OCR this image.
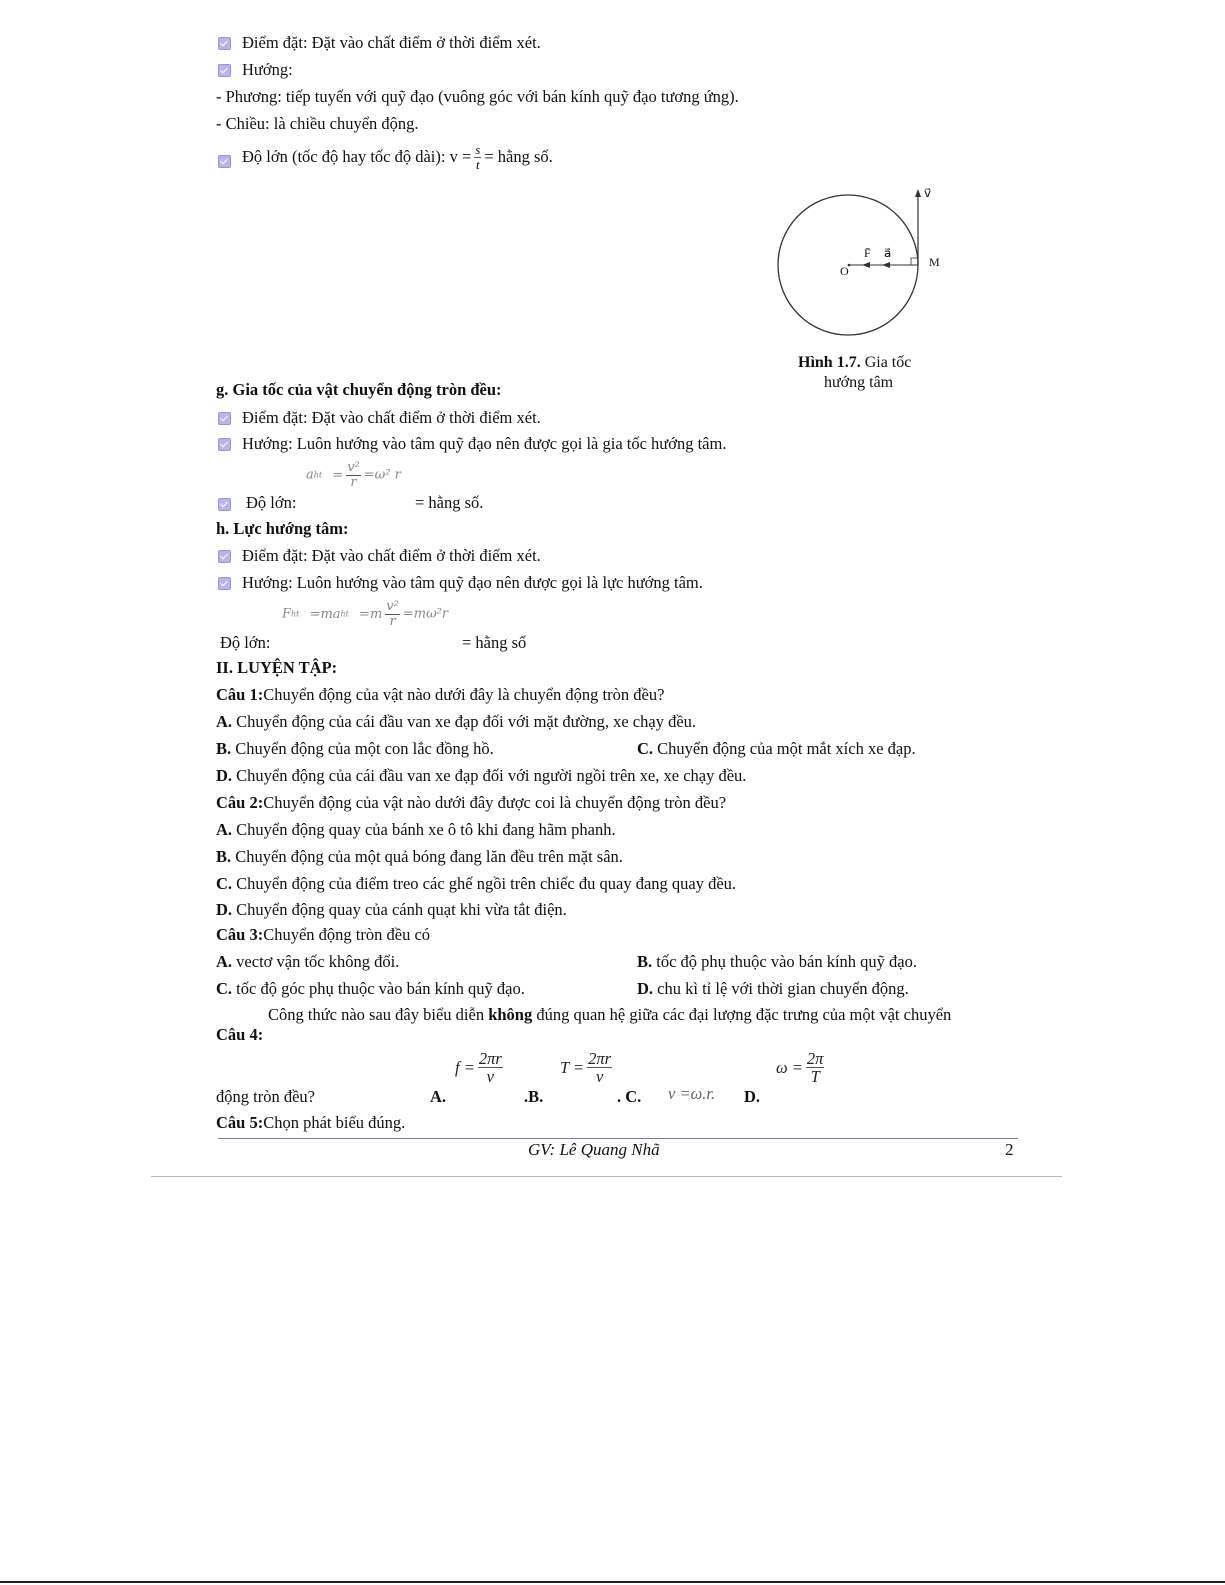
Điểm đặt: Đặt vào chất điểm ở thời điểm xét.
Hướng:
- Phương: tiếp tuyến với quỹ đạo (vuông góc với bán kính quỹ đạo tương ứng).
- Chiều: là chiều chuyển động.
Độ lớn (tốc độ hay tốc độ dài): $v = \frac{s}{t}$ = hằng số.
v⃗
F̄ a⃗
O
M
Hình 1.7. Gia tốc
hướng tâm
g. Gia tốc của vật chuyển động tròn đều:
Điểm đặt: Đặt vào chất điểm ở thời điểm xét.
Hướng: Luôn hướng vào tâm quỹ đạo nên được gọi là gia tốc hướng tâm.
Độ lớn:
aht = $\frac{\text{v²}}{r} =\omega^2$ r
= hằng số.
h. Lực hướng tâm:
Điểm đặt: Đặt vào chất điểm ở thời điểm xét.
Hướng: Luôn hướng vào tâm quỹ đạo nên được gọi là lực hướng tâm.
Độ lớn:
Fht =maht $=m \frac{\text{v²}}{r} =m\omega^2r$
= hằng số
II. LUYỆN TẬP:
Câu 1:Chuyển động của vật nào dưới đây là chuyển động tròn đều?
A. Chuyển động của cái đầu van xe đạp đối với mặt đường, xe chạy đều.
B. Chuyển động của một con lắc đồng hồ.	C. Chuyển động của một mắt xích xe đạp.
D. Chuyển động của cái đầu van xe đạp đối với người ngồi trên xe, xe chạy đều.
Câu 2:Chuyển động của vật nào dưới đây được coi là chuyển động tròn đều?
A. Chuyển động quay của bánh xe ô tô khi đang hãm phanh.
B. Chuyển động của một quả bóng đang lăn đều trên mặt sân.
C. Chuyển động của điểm treo các ghế ngồi trên chiếc đu quay đang quay đều.
D. Chuyển động quay của cánh quạt khi vừa tắt điện.
Câu 3:Chuyển động tròn đều có
A. vectơ vận tốc không đổi.	B. tốc độ phụ thuộc vào bán kính quỹ đạo.
C. tốc độ góc phụ thuộc vào bán kính quỹ đạo.	D. chu kì tỉ lệ với thời gian chuyển động.
Công thức nào sau đây biểu diễn không đúng quan hệ giữa các đại lượng đặc trưng của một vật chuyển
Câu 4:
động tròn đều?	A.
$f = \frac{2\pi r}{v}$
.B.
$T = \frac{2\pi r}{v}$
. C. v =ω.r. D.
$\omega = \frac{2\pi}{T}$
Câu 5:Chọn phát biểu đúng.
GV: Lê Quang Nhã	2
